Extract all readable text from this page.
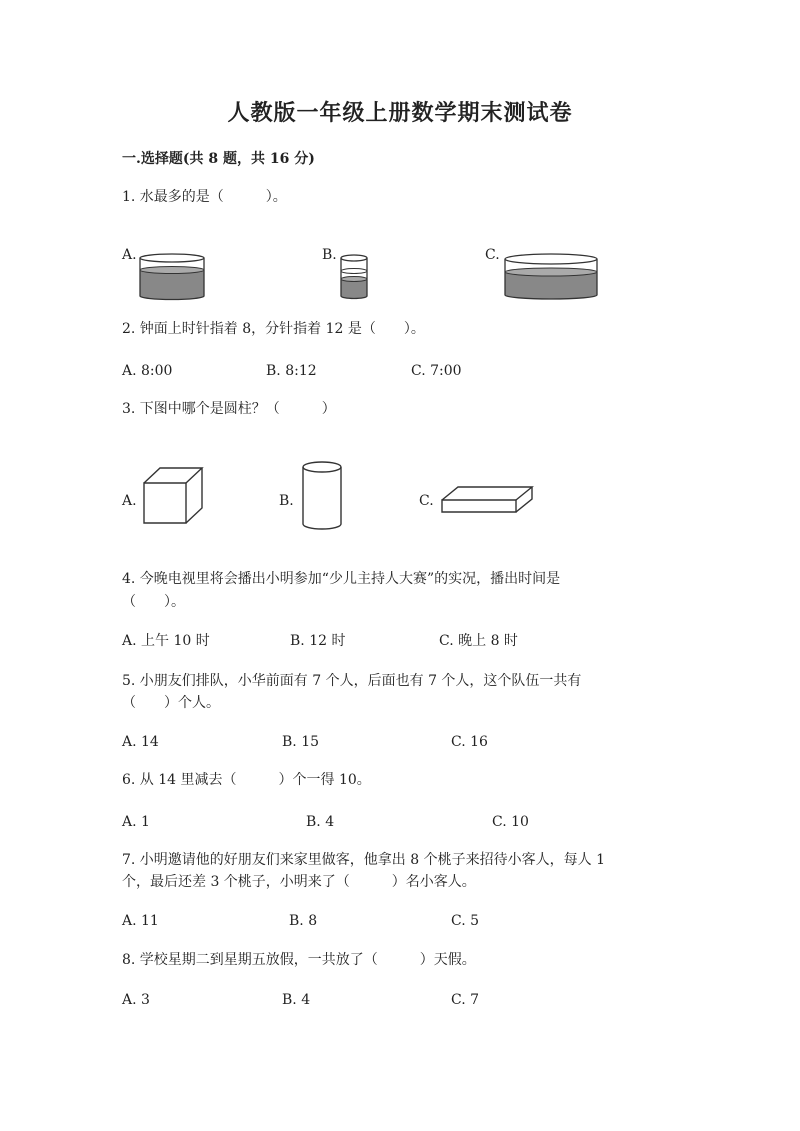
人教版一年级上册数学期末测试卷
一.选择题(共 8 题，共 16 分)
1. 水最多的是（　　　）。
A.	B.	C.
2. 钟面上时针指着 8，分针指着 12 是（　　）。
A. 8:00	B. 8:12	C. 7:00
3. 下图中哪个是圆柱？（　　　）
A.	B.	C.
4. 今晚电视里将会播出小明参加“少儿主持人大赛”的实况，播出时间是
（　　）。
A. 上午 10 时	B. 12 时	C. 晚上 8 时
5. 小朋友们排队，小华前面有 7 个人，后面也有 7 个人，这个队伍一共有
（　　）个人。
A. 14	B. 15	C. 16
6. 从 14 里减去（　　　）个一得 10。
A. 1	B. 4	C. 10
7. 小明邀请他的好朋友们来家里做客，他拿出 8 个桃子来招待小客人，每人 1
个，最后还差 3 个桃子，小明来了（　　　）名小客人。
A. 11	B. 8	C. 5
8. 学校星期二到星期五放假，一共放了（　　　）天假。
A. 3	B. 4	C. 7
